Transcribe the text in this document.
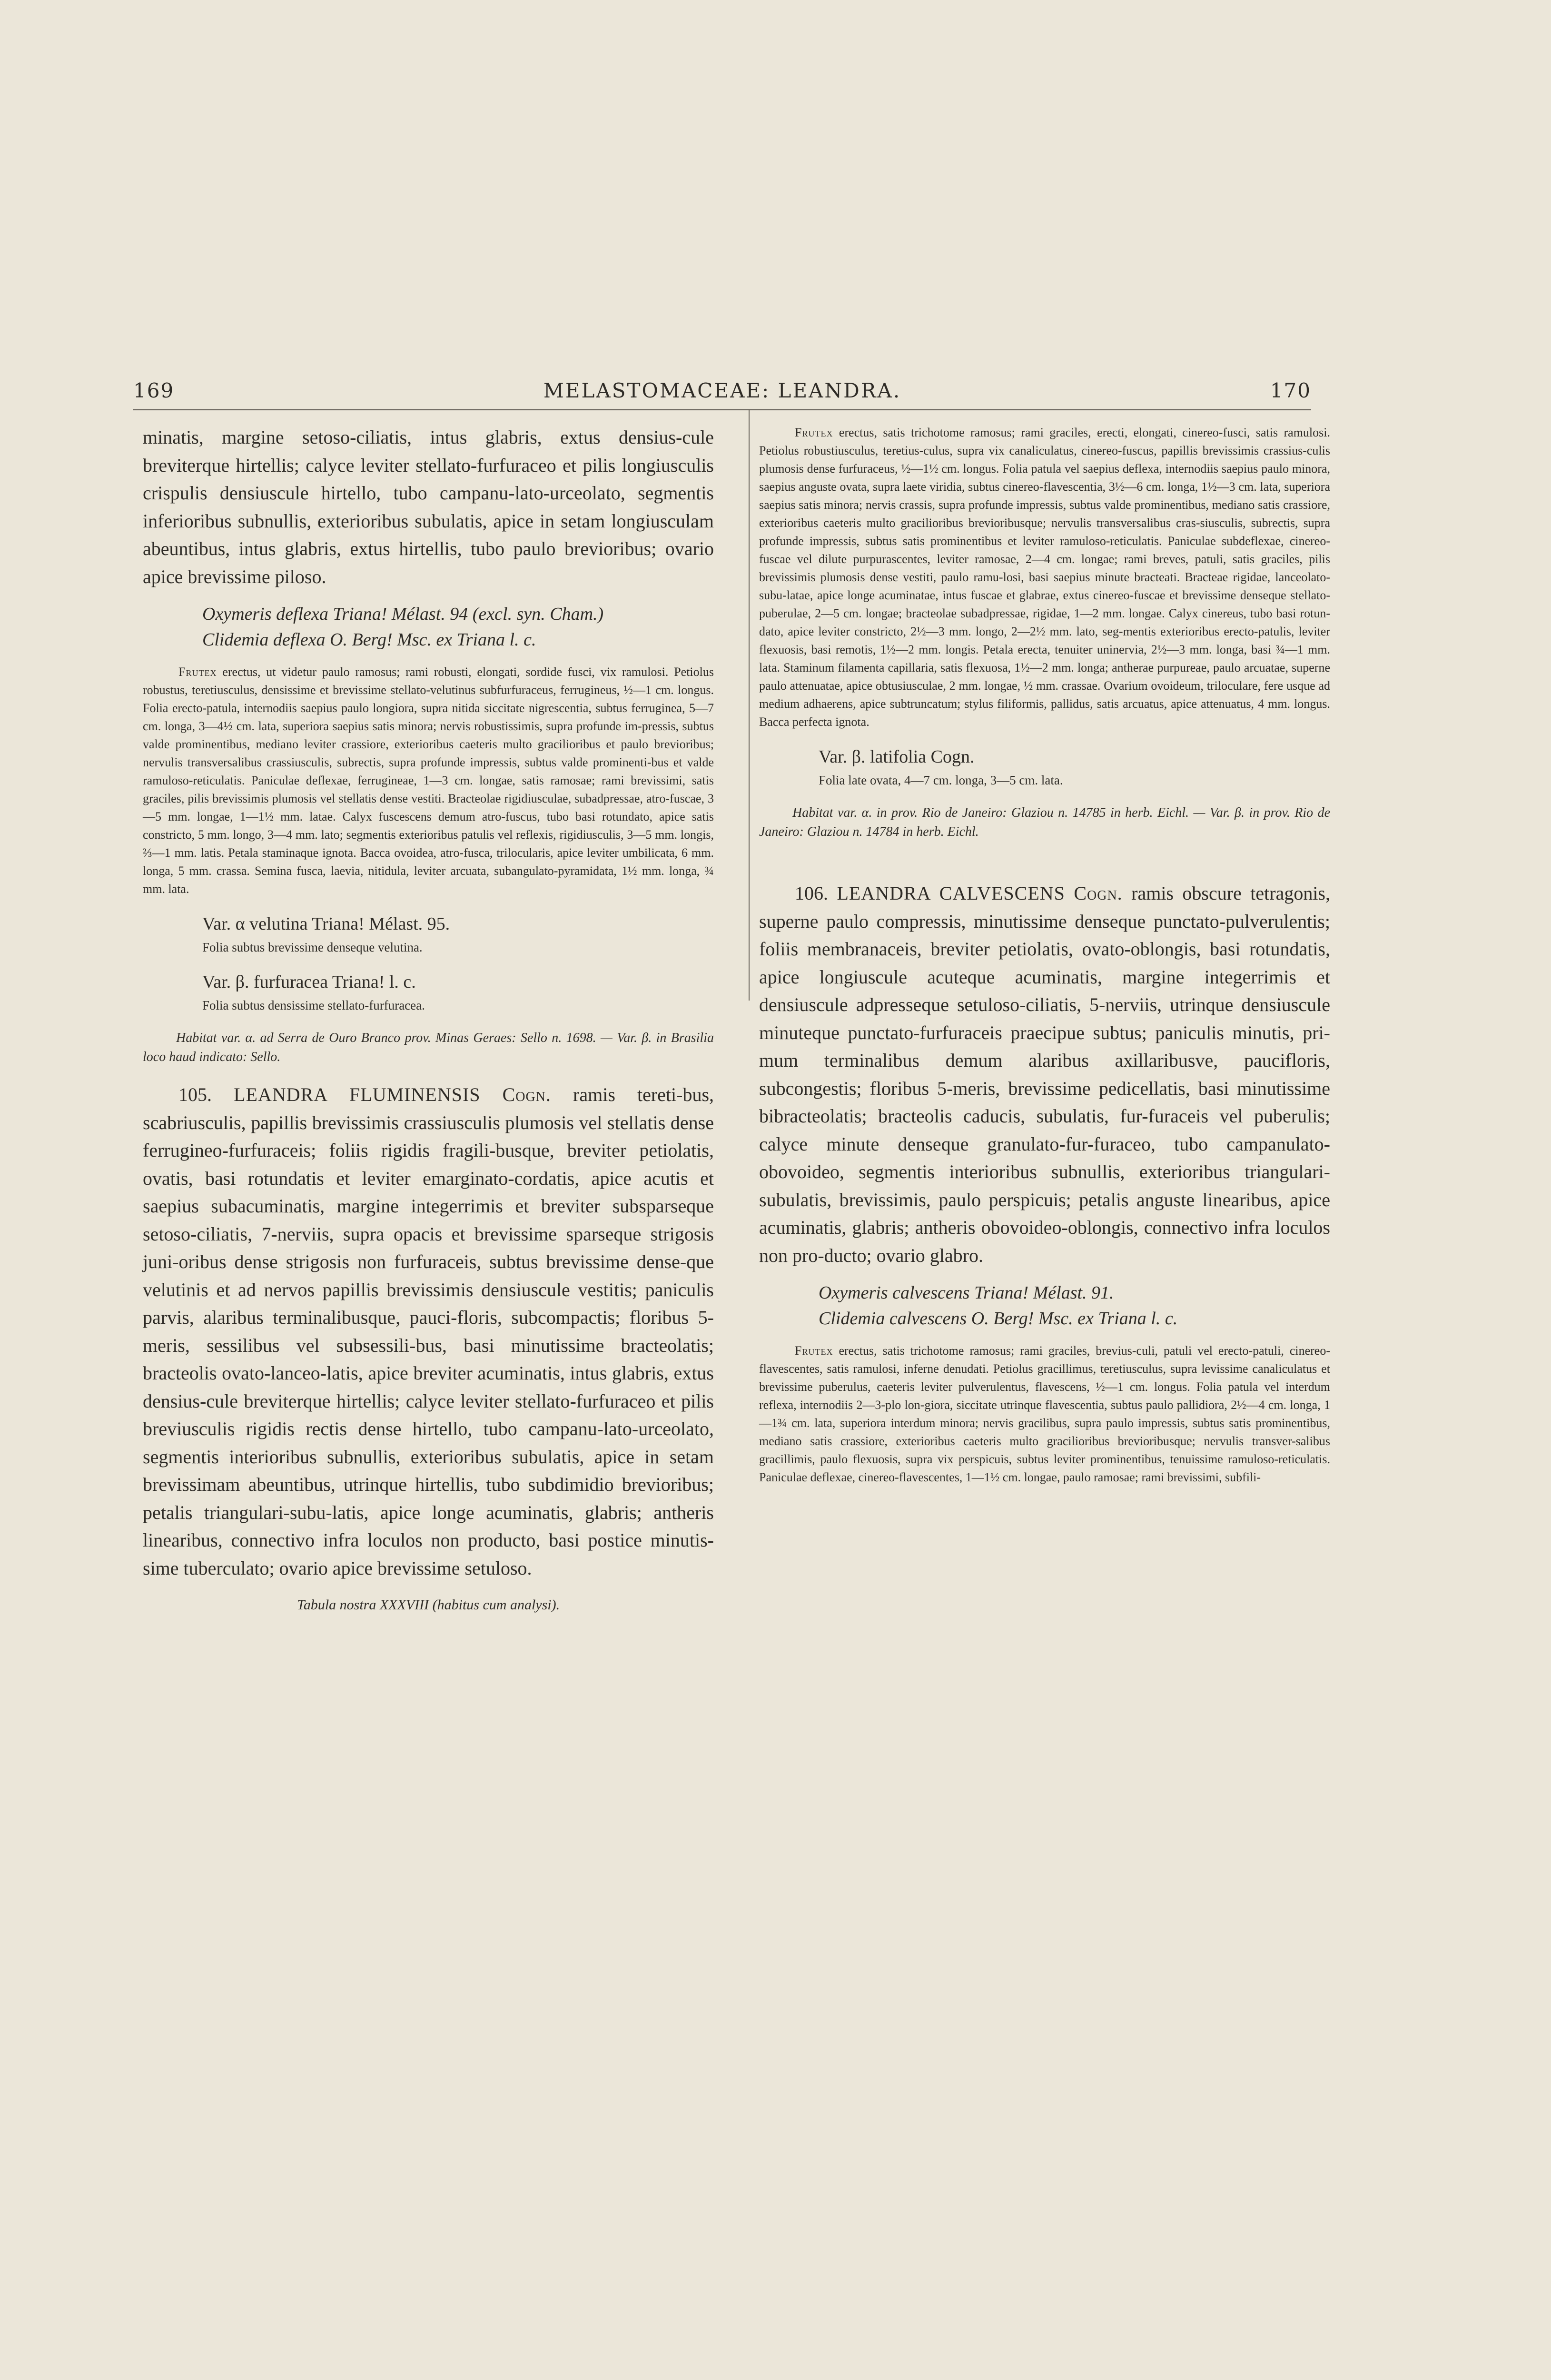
169	MELASTOMACEAE: LEANDRA.	170

minatis, margine setoso-ciliatis, intus glabris, extus densius-cule breviterque hirtellis; calyce leviter stellato-furfuraceo et pilis longiusculis crispulis densiuscule hirtello, tubo campanu-lato-urceolato, segmentis inferioribus subnullis, exterioribus subulatis, apice in setam longiusculam abeuntibus, intus glabris, extus hirtellis, tubo paulo brevioribus; ovario apice brevissime piloso.

Oxymeris deflexa Triana! Mélast. 94 (excl. syn. Cham.)

Clidemia deflexa O. Berg! Msc. ex Triana l. c.

Frutex erectus, ut videtur paulo ramosus; rami robusti, elongati, sordide fusci, vix ramulosi. Petiolus robustus, teretiusculus, densissime et brevissime stellato-velutinus subfurfuraceus, ferrugineus, ½—1 cm. longus. Folia erecto-patula, internodiis saepius paulo longiora, supra nitida siccitate nigrescentia, subtus ferruginea, 5—7 cm. longa, 3—4½ cm. lata, superiora saepius satis minora; nervis robustissimis, supra profunde im-pressis, subtus valde prominentibus, mediano leviter crassiore, exterioribus caeteris multo gracilioribus et paulo brevioribus; nervulis transversalibus crassiusculis, subrectis, supra profunde impressis, subtus valde prominenti-bus et valde ramuloso-reticulatis. Paniculae deflexae, ferrugineae, 1—3 cm. longae, satis ramosae; rami brevissimi, satis graciles, pilis brevissimis plumosis vel stellatis dense vestiti. Bracteolae rigidiusculae, subadpressae, atro-fuscae, 3—5 mm. longae, 1—1½ mm. latae. Calyx fuscescens demum atro-fuscus, tubo basi rotundato, apice satis constricto, 5 mm. longo, 3—4 mm. lato; segmentis exterioribus patulis vel reflexis, rigidiusculis, 3—5 mm. longis, ⅔—1 mm. latis. Petala staminaque ignota. Bacca ovoidea, atro-fusca, trilocularis, apice leviter umbilicata, 6 mm. longa, 5 mm. crassa. Semina fusca, laevia, nitidula, leviter arcuata, subangulato-pyramidata, 1½ mm. longa, ¾ mm. lata.

Var. α velutina Triana! Mélast. 95.

Folia subtus brevissime denseque velutina.

Var. β. furfuracea Triana! l. c.

Folia subtus densissime stellato-furfuracea.

Habitat var. α. ad Serra de Ouro Branco prov. Minas Geraes: Sello n. 1698. — Var. β. in Brasilia loco haud indicato: Sello.

105. LEANDRA FLUMINENSIS Cogn. ramis tereti-bus, scabriusculis, papillis brevissimis crassiusculis plumosis vel stellatis dense ferrugineo-furfuraceis; foliis rigidis fragili-busque, breviter petiolatis, ovatis, basi rotundatis et leviter emarginato-cordatis, apice acutis et saepius subacuminatis, margine integerrimis et breviter subsparseque setoso-ciliatis, 7-nerviis, supra opacis et brevissime sparseque strigosis juni-oribus dense strigosis non furfuraceis, subtus brevissime dense-que velutinis et ad nervos papillis brevissimis densiuscule vestitis; paniculis parvis, alaribus terminalibusque, pauci-floris, subcompactis; floribus 5-meris, sessilibus vel subsessili-bus, basi minutissime bracteolatis; bracteolis ovato-lanceo-latis, apice breviter acuminatis, intus glabris, extus densius-cule breviterque hirtellis; calyce leviter stellato-furfuraceo et pilis breviusculis rigidis rectis dense hirtello, tubo campanu-lato-urceolato, segmentis interioribus subnullis, exterioribus subulatis, apice in setam brevissimam abeuntibus, utrinque hirtellis, tubo subdimidio brevioribus; petalis triangulari-subu-latis, apice longe acuminatis, glabris; antheris linearibus, connectivo infra loculos non producto, basi postice minutis-sime tuberculato; ovario apice brevissime setuloso.

Tabula nostra XXXVIII (habitus cum analysi).

Frutex erectus, satis trichotome ramosus; rami graciles, erecti, elongati, cinereo-fusci, satis ramulosi. Petiolus robustiusculus, teretius-culus, supra vix canaliculatus, cinereo-fuscus, papillis brevissimis crassius-culis plumosis dense furfuraceus, ½—1½ cm. longus. Folia patula vel saepius deflexa, internodiis saepius paulo minora, saepius anguste ovata, supra laete viridia, subtus cinereo-flavescentia, 3½—6 cm. longa, 1½—3 cm. lata, superiora saepius satis minora; nervis crassis, supra profunde impressis, subtus valde prominentibus, mediano satis crassiore, exterioribus caeteris multo gracilioribus brevioribusque; nervulis transversalibus cras-siusculis, subrectis, supra profunde impressis, subtus satis prominentibus et leviter ramuloso-reticulatis. Paniculae subdeflexae, cinereo-fuscae vel dilute purpurascentes, leviter ramosae, 2—4 cm. longae; rami breves, patuli, satis graciles, pilis brevissimis plumosis dense vestiti, paulo ramu-losi, basi saepius minute bracteati. Bracteae rigidae, lanceolato-subu-latae, apice longe acuminatae, intus fuscae et glabrae, extus cinereo-fuscae et brevissime denseque stellato-puberulae, 2—5 cm. longae; bracteolae subadpressae, rigidae, 1—2 mm. longae. Calyx cinereus, tubo basi rotun-dato, apice leviter constricto, 2½—3 mm. longo, 2—2½ mm. lato, seg-mentis exterioribus erecto-patulis, leviter flexuosis, basi remotis, 1½—2 mm. longis. Petala erecta, tenuiter uninervia, 2½—3 mm. longa, basi ¾—1 mm. lata. Staminum filamenta capillaria, satis flexuosa, 1½—2 mm. longa; antherae purpureae, paulo arcuatae, superne paulo attenuatae, apice obtusiusculae, 2 mm. longae, ½ mm. crassae. Ovarium ovoideum, triloculare, fere usque ad medium adhaerens, apice subtruncatum; stylus filiformis, pallidus, satis arcuatus, apice attenuatus, 4 mm. longus. Bacca perfecta ignota.

Var. β. latifolia Cogn.

Folia late ovata, 4—7 cm. longa, 3—5 cm. lata.

Habitat var. α. in prov. Rio de Janeiro: Glaziou n. 14785 in herb. Eichl. — Var. β. in prov. Rio de Janeiro: Glaziou n. 14784 in herb. Eichl.

106. LEANDRA CALVESCENS Cogn. ramis obscure tetragonis, superne paulo compressis, minutissime denseque punctato-pulverulentis; foliis membranaceis, breviter petiolatis, ovato-oblongis, basi rotundatis, apice longiuscule acuteque acuminatis, margine integerrimis et densiuscule adpresseque setuloso-ciliatis, 5-nerviis, utrinque densiuscule minuteque punctato-furfuraceis praecipue subtus; paniculis minutis, pri-mum terminalibus demum alaribus axillaribusve, paucifloris, subcongestis; floribus 5-meris, brevissime pedicellatis, basi minutissime bibracteolatis; bracteolis caducis, subulatis, fur-furaceis vel puberulis; calyce minute denseque granulato-fur-furaceo, tubo campanulato-obovoideo, segmentis interioribus subnullis, exterioribus triangulari-subulatis, brevissimis, paulo perspicuis; petalis anguste linearibus, apice acuminatis, glabris; antheris obovoideo-oblongis, connectivo infra loculos non pro-ducto; ovario glabro.

Oxymeris calvescens Triana! Mélast. 91.

Clidemia calvescens O. Berg! Msc. ex Triana l. c.

Frutex erectus, satis trichotome ramosus; rami graciles, brevius-culi, patuli vel erecto-patuli, cinereo-flavescentes, satis ramulosi, inferne denudati. Petiolus gracillimus, teretiusculus, supra levissime canaliculatus et brevissime puberulus, caeteris leviter pulverulentus, flavescens, ½—1 cm. longus. Folia patula vel interdum reflexa, internodiis 2—3-plo lon-giora, siccitate utrinque flavescentia, subtus paulo pallidiora, 2½—4 cm. longa, 1—1¾ cm. lata, superiora interdum minora; nervis gracilibus, supra paulo impressis, subtus satis prominentibus, mediano satis crassiore, exterioribus caeteris multo gracilioribus brevioribusque; nervulis transver-salibus gracillimis, paulo flexuosis, supra vix perspicuis, subtus leviter prominentibus, tenuissime ramuloso-reticulatis. Paniculae deflexae, cinereo-flavescentes, 1—1½ cm. longae, paulo ramosae; rami brevissimi, subfili-
